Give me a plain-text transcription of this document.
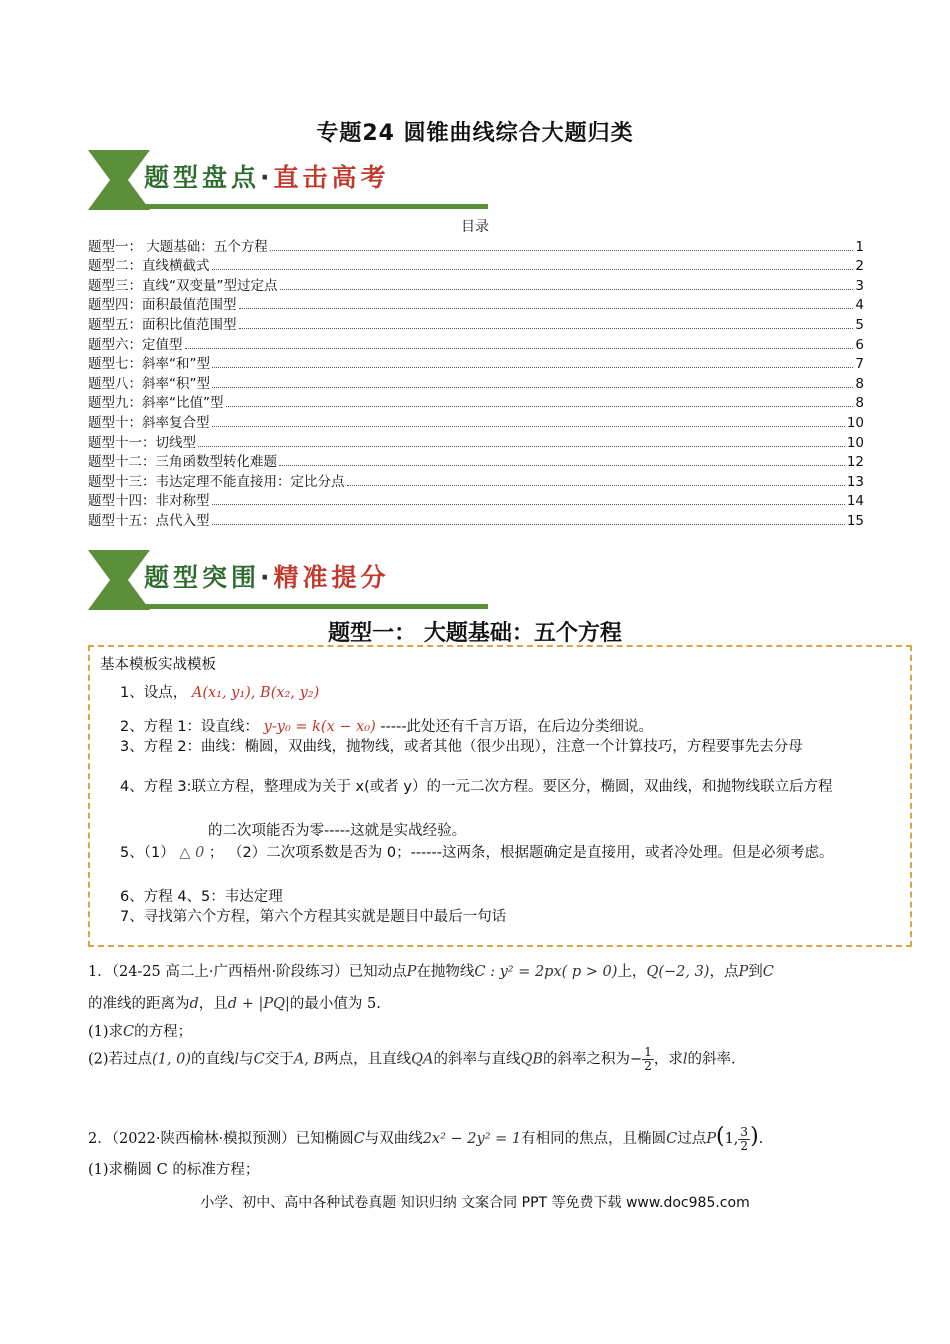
专题24 圆锥曲线综合大题归类
题型盘点·直击高考
目录
题型一： 大题基础：五个方程	1
题型二：直线横截式	2
题型三：直线“双变量”型过定点	3
题型四：面积最值范围型	4
题型五：面积比值范围型	5
题型六：定值型	6
题型七：斜率“和”型	7
题型八：斜率“积”型	8
题型九：斜率“比值”型	8
题型十：斜率复合型	10
题型十一：切线型	10
题型十二：三角函数型转化难题	12
题型十三：韦达定理不能直接用：定比分点	13
题型十四：非对称型	14
题型十五：点代入型	15
题型突围·精准提分
题型一： 大题基础：五个方程
基本模板实战模板
1、设点， A(x₁, y₁), B(x₂, y₂)
2、方程 1：设直线： y-y₀ = k(x − x₀) -----此处还有千言万语，在后边分类细说。
3、方程 2：曲线：椭圆，双曲线，抛物线，或者其他（很少出现），注意一个计算技巧，方程要事先去分母
4、方程 3:联立方程，整理成为关于 x(或者 y）的一元二次方程。要区分，椭圆，双曲线，和抛物线联立后方程
的二次项能否为零-----这就是实战经验。
5、（1） △ 0 ； （2）二次项系数是否为 0；------这两条，根据题确定是直接用，或者冷处理。但是必须考虑。
6、方程 4、5：韦达定理
7、寻找第六个方程，第六个方程其实就是题目中最后一句话
1．（24-25 高二上·广西梧州·阶段练习）已知动点P在抛物线C : y² = 2px( p > 0)上，Q(−2, 3)，点P到C
的准线的距离为d，且d + |PQ|的最小值为 5.
(1)求C的方程；
(2)若过点(1, 0)的直线l与C交于A, B两点，且直线QA的斜率与直线QB的斜率之积为− $\frac{1}{2}$ ，求l的斜率.
2．（2022·陕西榆林·模拟预测）已知椭圆C与双曲线2x² − 2y² = 1有相同的焦点，且椭圆C过点P(1, $\frac{3}{2}$ ).
(1)求椭圆 C 的标准方程；
小学、初中、高中各种试卷真题 知识归纳 文案合同 PPT 等免费下载 www.doc985.com
